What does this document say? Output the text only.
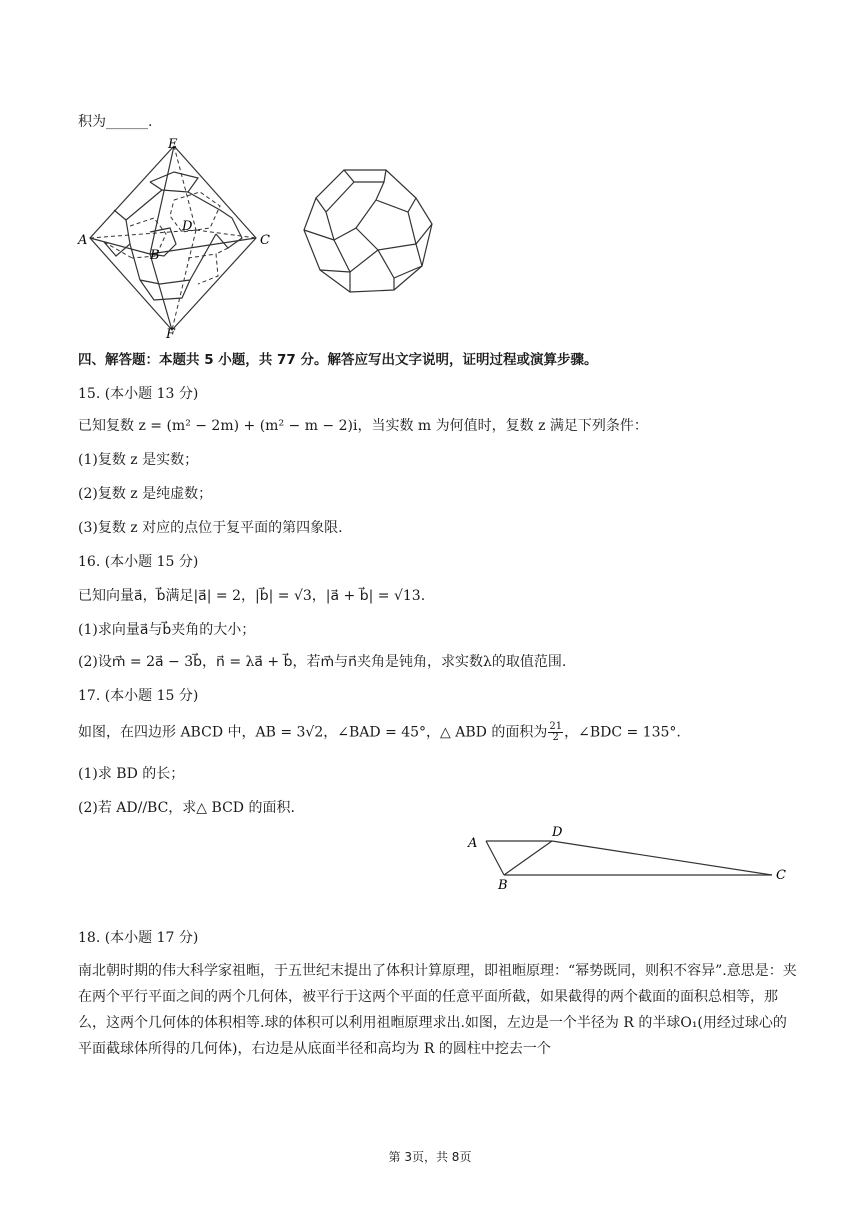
积为______.
E
A
B
C
D
F
四、解答题：本题共 5 小题，共 77 分。解答应写出文字说明，证明过程或演算步骤。
15. (本小题 13 分)
已知复数 z = (m² − 2m) + (m² − m − 2)i，当实数 m 为何值时，复数 z 满足下列条件：
(1)复数 z 是实数；
(2)复数 z 是纯虚数；
(3)复数 z 对应的点位于复平面的第四象限.
16. (本小题 15 分)
已知向量a⃗，b⃗满足|a⃗| = 2，|b⃗| = √3，|a⃗ + b⃗| = √13.
(1)求向量a⃗与b⃗夹角的大小；
(2)设m⃗ = 2a⃗ − 3b⃗，n⃗ = λa⃗ + b⃗，若m⃗与n⃗夹角是钝角，求实数λ的取值范围.
17. (本小题 15 分)
如图，在四边形 ABCD 中，AB = 3√2，∠BAD = 45°，△ ABD 的面积为 $\frac{21}{2}$ ，∠BDC = 135°.
(1)求 BD 的长；
(2)若 AD//BC，求△ BCD 的面积.
A
B
C
D
18. (本小题 17 分)
南北朝时期的伟大科学家祖暅，于五世纪末提出了体积计算原理，即祖暅原理：“幂势既同，则积不容异”.意思是：夹在两个平行平面之间的两个几何体，被平行于这两个平面的任意平面所截，如果截得的两个截面的面积总相等，那么，这两个几何体的体积相等.球的体积可以利用祖暅原理求出.如图，左边是一个半径为 R 的半球O₁(用经过球心的平面截球体所得的几何体)，右边是从底面半径和高均为 R 的圆柱中挖去一个
第 3页，共 8页
